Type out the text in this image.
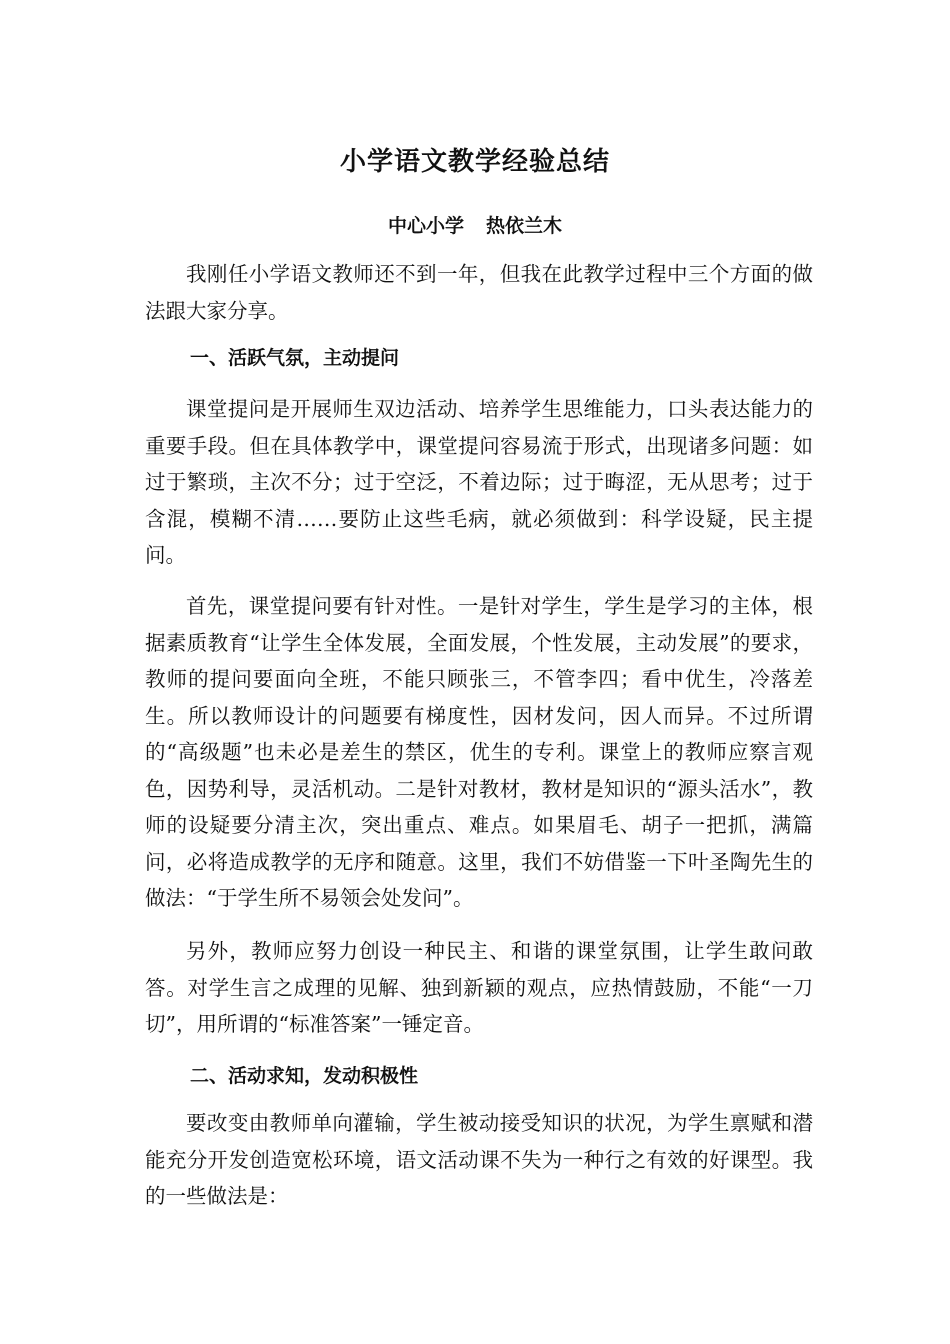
小学语文教学经验总结
中心小学 热依兰木

我刚任小学语文教师还不到一年，但我在此教学过程中三个方面的做法跟大家分享。

一、活跃气氛，主动提问

课堂提问是开展师生双边活动、培养学生思维能力，口头表达能力的重要手段。但在具体教学中，课堂提问容易流于形式，出现诸多问题：如过于繁琐，主次不分；过于空泛，不着边际；过于晦涩，无从思考；过于含混，模糊不清……要防止这些毛病，就必须做到：科学设疑，民主提问。

首先，课堂提问要有针对性。一是针对学生，学生是学习的主体，根据素质教育“让学生全体发展，全面发展，个性发展，主动发展”的要求，教师的提问要面向全班，不能只顾张三，不管李四；看中优生，冷落差生。所以教师设计的问题要有梯度性，因材发问，因人而异。不过所谓的“高级题”也未必是差生的禁区，优生的专利。课堂上的教师应察言观色，因势利导，灵活机动。二是针对教材，教材是知识的“源头活水”，教师的设疑要分清主次，突出重点、难点。如果眉毛、胡子一把抓，满篇问，必将造成教学的无序和随意。这里，我们不妨借鉴一下叶圣陶先生的做法：“于学生所不易领会处发问”。

另外，教师应努力创设一种民主、和谐的课堂氛围，让学生敢问敢答。对学生言之成理的见解、独到新颖的观点，应热情鼓励，不能“一刀切”，用所谓的“标准答案”一锤定音。

二、活动求知，发动积极性

要改变由教师单向灌输，学生被动接受知识的状况，为学生禀赋和潜能充分开发创造宽松环境，语文活动课不失为一种行之有效的好课型。我的一些做法是：
